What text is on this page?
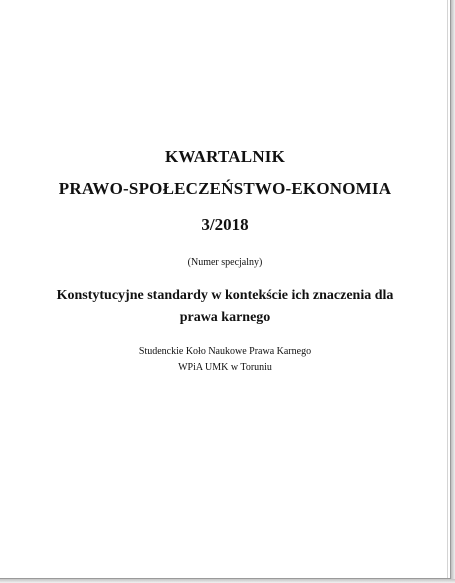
KWARTALNIK
PRAWO-SPOŁECZEŃSTWO-EKONOMIA
3/2018
(Numer specjalny)
Konstytucyjne standardy w kontekście ich znaczenia dla
prawa karnego
Studenckie Koło Naukowe Prawa Karnego
WPiA UMK w Toruniu
